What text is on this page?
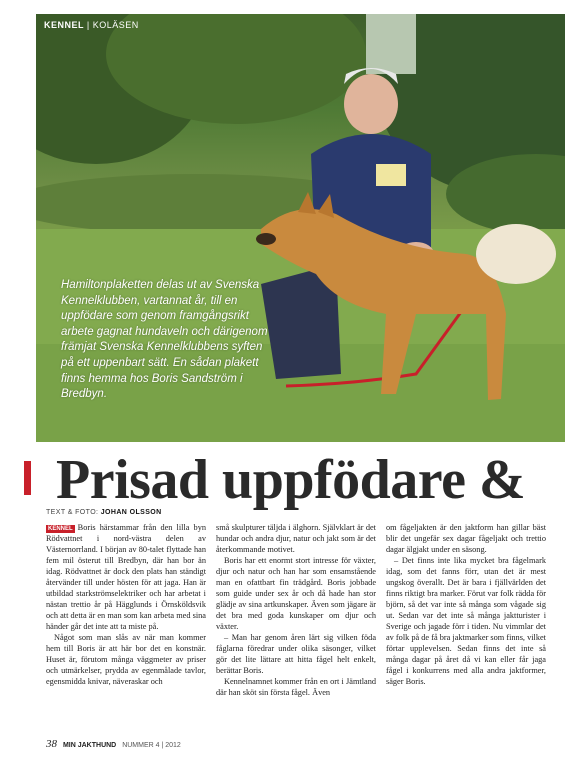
KENNEL | KOLÄSEN
Hamiltonplaketten delas ut av Svenska Kennelklubben, vartannat år, till en uppfödare som genom framgångsrikt arbete gagnat hundaveln och därigenom främjat Svenska Kennelklubbens syften på ett uppenbart sätt. En sådan plakett finns hemma hos Boris Sandström i Bredbyn.
Prisad uppfödare &
TEXT & FOTO: JOHAN OLSSON

KENNEL Boris härstammar från den lilla byn Rödvattnet i nord-västra delen av Västernorrland. I början av 80-talet flyttade han fem mil österut till Bredbyn, där han bor än idag. Rödvattnet är dock den plats han ständigt återvänder till under hösten för att jaga. Han är utbildad starkströmselektriker och har arbetat i nästan trettio år på Hägglunds i Örnsköldsvik och att detta är en man som kan arbeta med sina händer går det inte att ta miste på.

Något som man slås av när man kommer hem till Boris är att här bor det en konstnär. Huset är, förutom många väggmeter av priser och utmärkelser, prydda av egenmålade tavlor, egensmidda knivar, näveraskar och

små skulpturer täljda i älghorn. Självklart är det hundar och andra djur, natur och jakt som är det återkommande motivet.

Boris har ett enormt stort intresse för växter, djur och natur och han har som ensamstående man en ofattbart fin trädgård. Boris jobbade som guide under sex år och då hade han stor glädje av sina artkunskaper. Även som jägare är det bra med goda kunskaper om djur och växter.

– Man har genom åren lärt sig vilken föda fåglarna föredrar under olika säsonger, vilket gör det lite lättare att hitta fågel helt enkelt, berättar Boris.

Kennelnamnet kommer från en ort i Jämtland där han sköt sin första fågel. Även

om fågeljakten är den jaktform han gillar bäst blir det ungefär sex dagar fågeljakt och trettio dagar älgjakt under en säsong.

– Det finns inte lika mycket bra fågelmark idag, som det fanns förr, utan det är mest ungskog överallt. Det är bara i fjällvärlden det finns riktigt bra marker. Förut var folk rädda för björn, så det var inte så många som vågade sig ut. Sedan var det inte så många jaktturister i Sverige och jagade förr i tiden. Nu vimmlar det av folk på de få bra jaktmarker som finns, vilket förtar upplevelsen. Sedan finns det inte så många dagar på året då vi kan eller får jaga fågel i konkurrens med alla andra jaktformer, säger Boris.

38 MIN JAKTHUND NUMMER 4 | 2012
